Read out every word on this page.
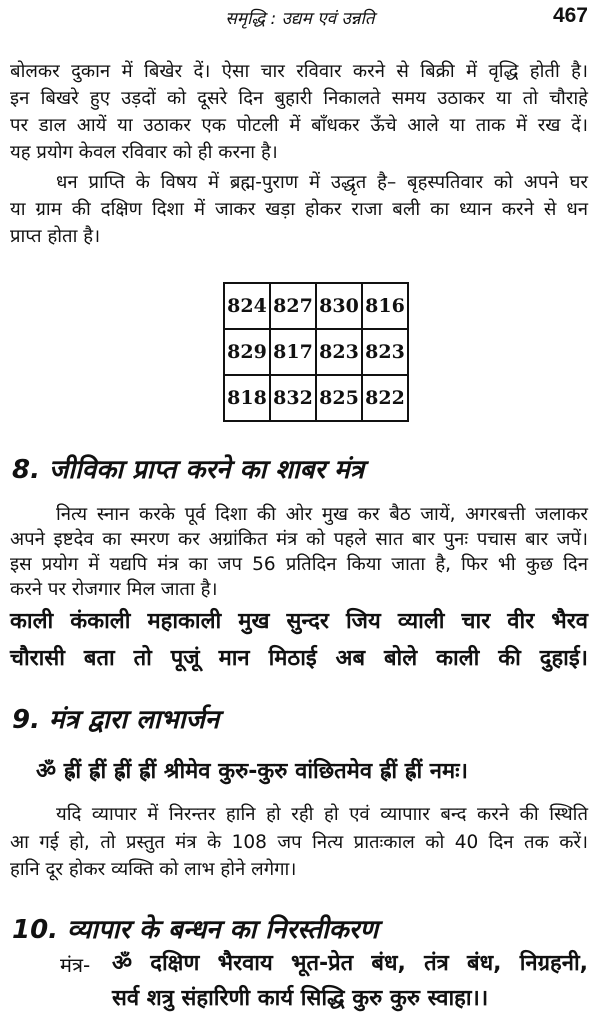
समृद्धि : उद्यम एवं उन्नति	467
बोलकर दुकान में बिखेर दें। ऐसा चार रविवार करने से बिक्री में वृद्धि होती है।
इन बिखरे हुए उड़दों को दूसरे दिन बुहारी निकालते समय उठाकर या तो चौराहे
पर डाल आयें या उठाकर एक पोटली में बाँधकर ऊँचे आले या ताक में रख दें।
यह प्रयोग केवल रविवार को ही करना है।
धन प्राप्ति के विषय में ब्रह्म-पुराण में उद्धृत है– बृहस्पतिवार को अपने घर
या ग्राम की दक्षिण दिशा में जाकर खड़ा होकर राजा बली का ध्यान करने से धन
प्राप्त होता है।
824	827	830	816
829	817	823	823
818	832	825	822
8. जीविका प्राप्त करने का शाबर मंत्र
नित्य स्नान करके पूर्व दिशा की ओर मुख कर बैठ जायें, अगरबत्ती जलाकर
अपने इष्टदेव का स्मरण कर अग्रांकित मंत्र को पहले सात बार पुनः पचास बार जपें।
इस प्रयोग में यद्यपि मंत्र का जप 56 प्रतिदिन किया जाता है, फिर भी कुछ दिन
करने पर रोजगार मिल जाता है।
काली कंकाली महाकाली मुख सुन्दर जिय व्याली चार वीर भैरव
चौरासी बता तो पूजूं मान मिठाई अब बोले काली की दुहाई।
9. मंत्र द्वारा लाभार्जन
ॐ ह्रीं ह्रीं ह्रीं ह्रीं श्रीमेव कुरु-कुरु वांछितमेव ह्रीं ह्रीं नमः।
यदि व्यापार में निरन्तर हानि हो रही हो एवं व्यापाार बन्द करने की स्थिति
आ गई हो, तो प्रस्तुत मंत्र के 108 जप नित्य प्रातःकाल को 40 दिन तक करें।
हानि दूर होकर व्यक्ति को लाभ होने लगेगा।
10. व्यापार के बन्धन का निरस्तीकरण
मंत्र- ॐ दक्षिण भैरवाय भूत-प्रेत बंध, तंत्र बंध, निग्रहनी,
सर्व शत्रु संहारिणी कार्य सिद्धि कुरु कुरु स्वाहा।।
